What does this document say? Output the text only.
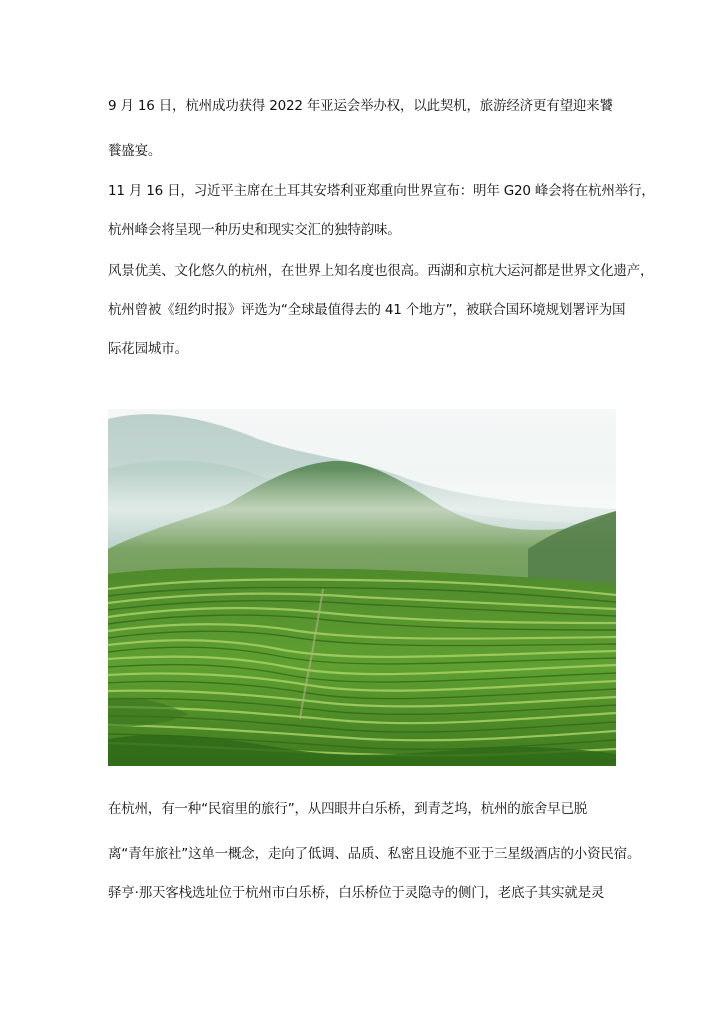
9 月 16 日，杭州成功获得 2022 年亚运会举办权，以此契机，旅游经济更有望迎来饕
餮盛宴。
11 月 16 日，习近平主席在土耳其安塔利亚郑重向世界宣布：明年 G20 峰会将在杭州举行，
杭州峰会将呈现一种历史和现实交汇的独特韵味。
风景优美、文化悠久的杭州，在世界上知名度也很高。西湖和京杭大运河都是世界文化遗产，
杭州曾被《纽约时报》评选为“全球最值得去的 41 个地方”，被联合国环境规划署评为国
际花园城市。
在杭州，有一种“民宿里的旅行”，从四眼井白乐桥，到青芝坞，杭州的旅舍早已脱
离“青年旅社”这单一概念，走向了低调、品质、私密且设施不亚于三星级酒店的小资民宿。
驿亨·那天客栈选址位于杭州市白乐桥，白乐桥位于灵隐寺的侧门，老底子其实就是灵
